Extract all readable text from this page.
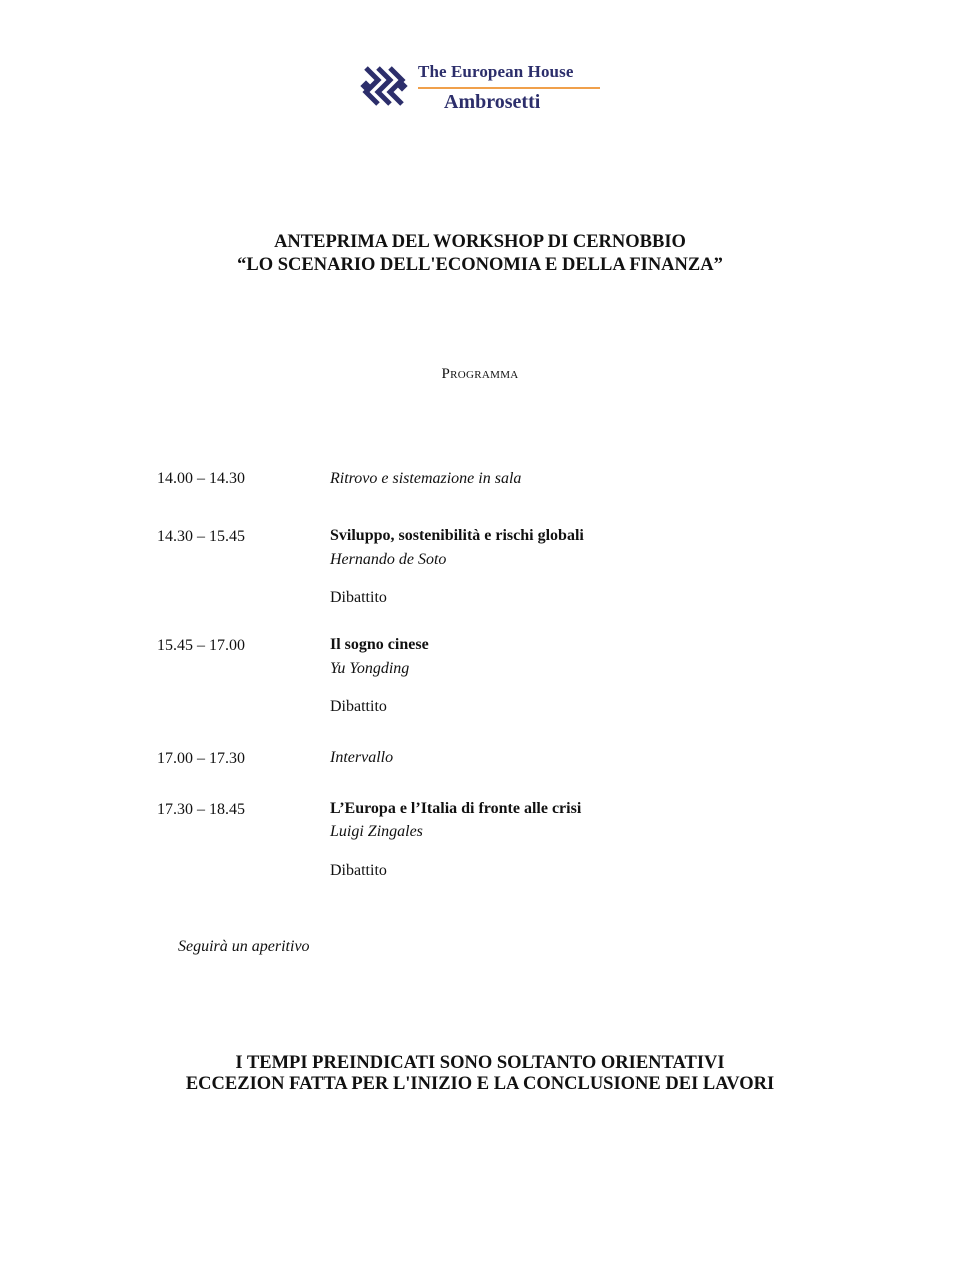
The European House
Ambrosetti
ANTEPRIMA DEL WORKSHOP DI CERNOBBIO
“LO SCENARIO DELL'ECONOMIA E DELLA FINANZA”
Programma
14.00 – 14.30	Ritrovo e sistemazione in sala
14.30 – 15.45	Sviluppo, sostenibilità e rischi globali
Hernando de Soto
Dibattito
15.45 – 17.00	Il sogno cinese
Yu Yongding
Dibattito
17.00 – 17.30	Intervallo
17.30 – 18.45	L’Europa e l’Italia di fronte alle crisi
Luigi Zingales
Dibattito
Seguirà un aperitivo
I TEMPI PREINDICATI SONO SOLTANTO ORIENTATIVI
ECCEZION FATTA PER L'INIZIO E LA CONCLUSIONE DEI LAVORI
